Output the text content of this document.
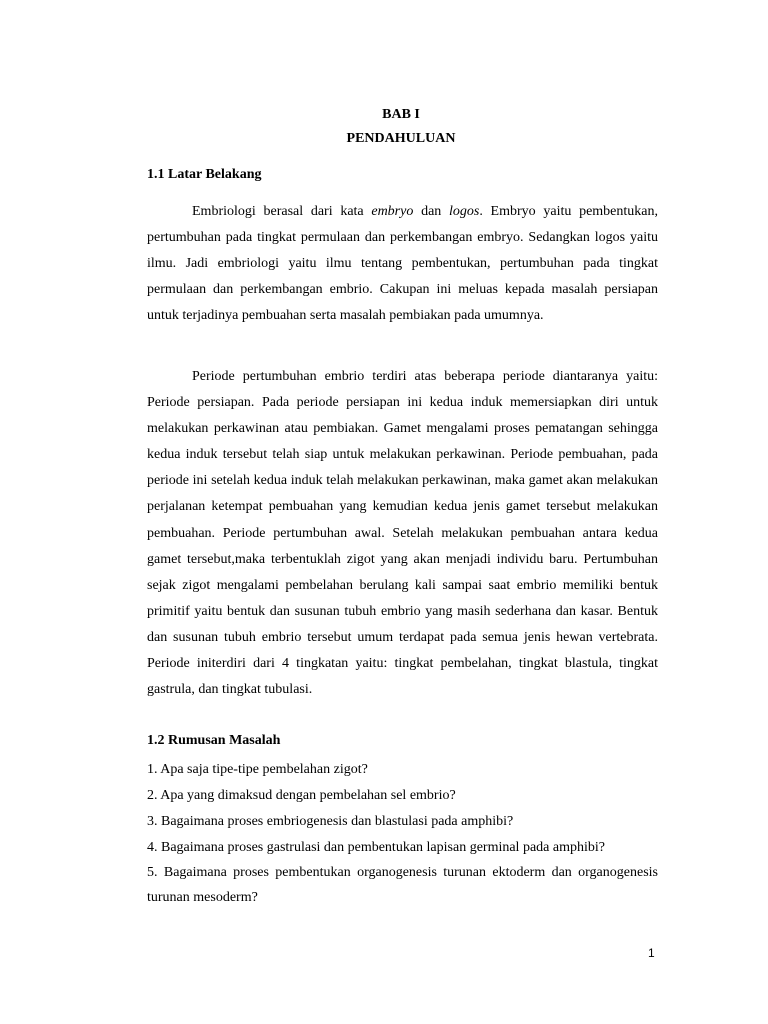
BAB I
PENDAHULUAN
1.1 Latar Belakang

Embriologi berasal dari kata embryo dan logos. Embryo yaitu pembentukan, pertumbuhan pada tingkat permulaan dan perkembangan embryo. Sedangkan logos yaitu ilmu. Jadi embriologi yaitu ilmu tentang pembentukan, pertumbuhan pada tingkat permulaan dan perkembangan embrio. Cakupan ini meluas kepada masalah persiapan untuk terjadinya pembuahan serta masalah pembiakan pada umumnya.

Periode pertumbuhan embrio terdiri atas beberapa periode diantaranya yaitu: Periode persiapan. Pada periode persiapan ini kedua induk memersiapkan diri untuk melakukan perkawinan atau pembiakan. Gamet mengalami proses pematangan sehingga kedua induk tersebut telah siap untuk melakukan perkawinan. Periode pembuahan, pada periode ini setelah kedua induk telah melakukan perkawinan, maka gamet akan melakukan perjalanan ketempat pembuahan yang kemudian kedua jenis gamet tersebut melakukan pembuahan. Periode pertumbuhan awal. Setelah melakukan pembuahan antara kedua gamet tersebut,maka terbentuklah zigot yang akan menjadi individu baru. Pertumbuhan sejak zigot mengalami pembelahan berulang kali sampai saat embrio memiliki bentuk primitif yaitu bentuk dan susunan tubuh embrio yang masih sederhana dan kasar. Bentuk dan susunan tubuh embrio tersebut umum terdapat pada semua jenis hewan vertebrata. Periode initerdiri dari 4 tingkatan yaitu: tingkat pembelahan, tingkat blastula, tingkat gastrula, dan tingkat tubulasi.

1.2 Rumusan Masalah
1. Apa saja tipe-tipe pembelahan zigot?
2. Apa yang dimaksud dengan pembelahan sel embrio?
3. Bagaimana proses embriogenesis dan blastulasi pada amphibi?
4. Bagaimana proses gastrulasi dan pembentukan lapisan germinal pada amphibi?
5. Bagaimana proses pembentukan organogenesis turunan ektoderm dan organogenesis turunan mesoderm?
1
